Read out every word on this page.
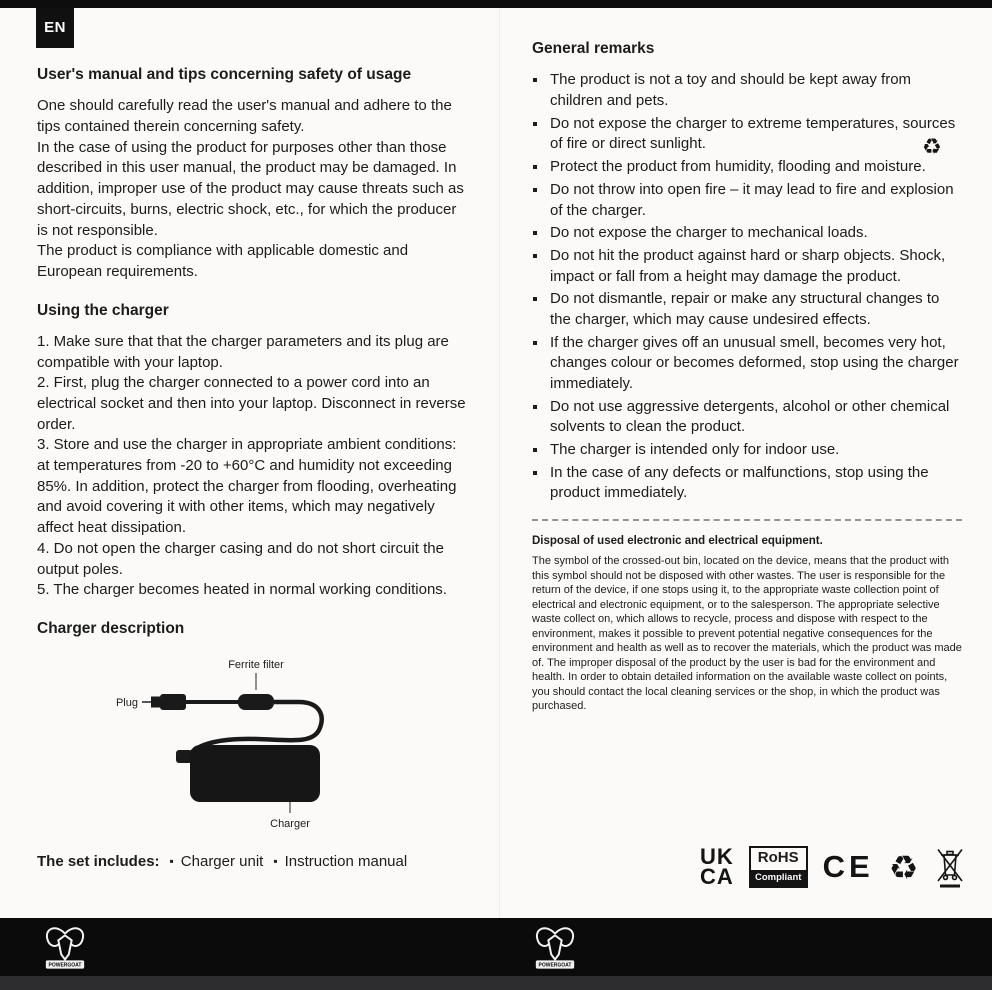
EN
User's manual and tips concerning safety of usage

One should carefully read the user's manual and adhere to the tips contained therein concerning safety.

In the case of using the product for purposes other than those described in this user manual, the product may be damaged. In addition, improper use of the product may cause threats such as short-circuits, burns, electric shock, etc., for which the producer is not responsible.

The product is compliance with applicable domestic and European requirements.

Using the charger

1. Make sure that that the charger parameters and its plug are compatible with your laptop.

2. First, plug the charger connected to a power cord into an electrical socket and then into your laptop. Disconnect in reverse order.

3. Store and use the charger in appropriate ambient conditions: at temperatures from -20 to +60°C and humidity not exceeding 85%. In addition, protect the charger from flooding, overheating and avoid covering it with other items, which may negatively affect heat dissipation.

4. Do not open the charger casing and do not short circuit the output poles.

5. The charger becomes heated in normal working conditions.

Charger description
Ferrite filter
Plug
Charger
The set includes: ▪ Charger unit ▪ Instruction manual
General remarks
▪ The product is not a toy and should be kept away from children and pets.
▪ Do not expose the charger to extreme temperatures, sources of fire or direct sunlight.
▪ Protect the product from humidity, flooding and moisture.
▪ Do not throw into open fire – it may lead to fire and explosion of the charger.
▪ Do not expose the charger to mechanical loads.
▪ Do not hit the product against hard or sharp objects. Shock, impact or fall from a height may damage the product.
▪ Do not dismantle, repair or make any structural changes to the charger, which may cause undesired effects.
▪ If the charger gives off an unusual smell, becomes very hot, changes colour or becomes deformed, stop using the charger immediately.
▪ Do not use aggressive detergents, alcohol or other chemical solvents to clean the product.
▪ The charger is intended only for indoor use.
▪ In the case of any defects or malfunctions, stop using the product immediately.
Disposal of used electronic and electrical equipment.

The symbol of the crossed-out bin, located on the device, means that the product with this symbol should not be disposed with other wastes. The user is responsible for the return of the device, if one stops using it, to the appropriate waste collection point of electrical and electronic equipment, or to the salesperson. The appropriate selective waste collect on, which allows to recycle, process and dispose with respect to the environment, makes it possible to prevent potential negative consequences for the environment and health as well as to recover the materials, which the product was made of. The improper disposal of the product by the user is bad for the environment and health. In order to obtain detailed information on the available waste collect on points, you should contact the local cleaning services or the shop, in which the product was purchased.

♻
UK
CA
RoHS
Compliant CE ♻
POWERGOAT	POWERGOAT
